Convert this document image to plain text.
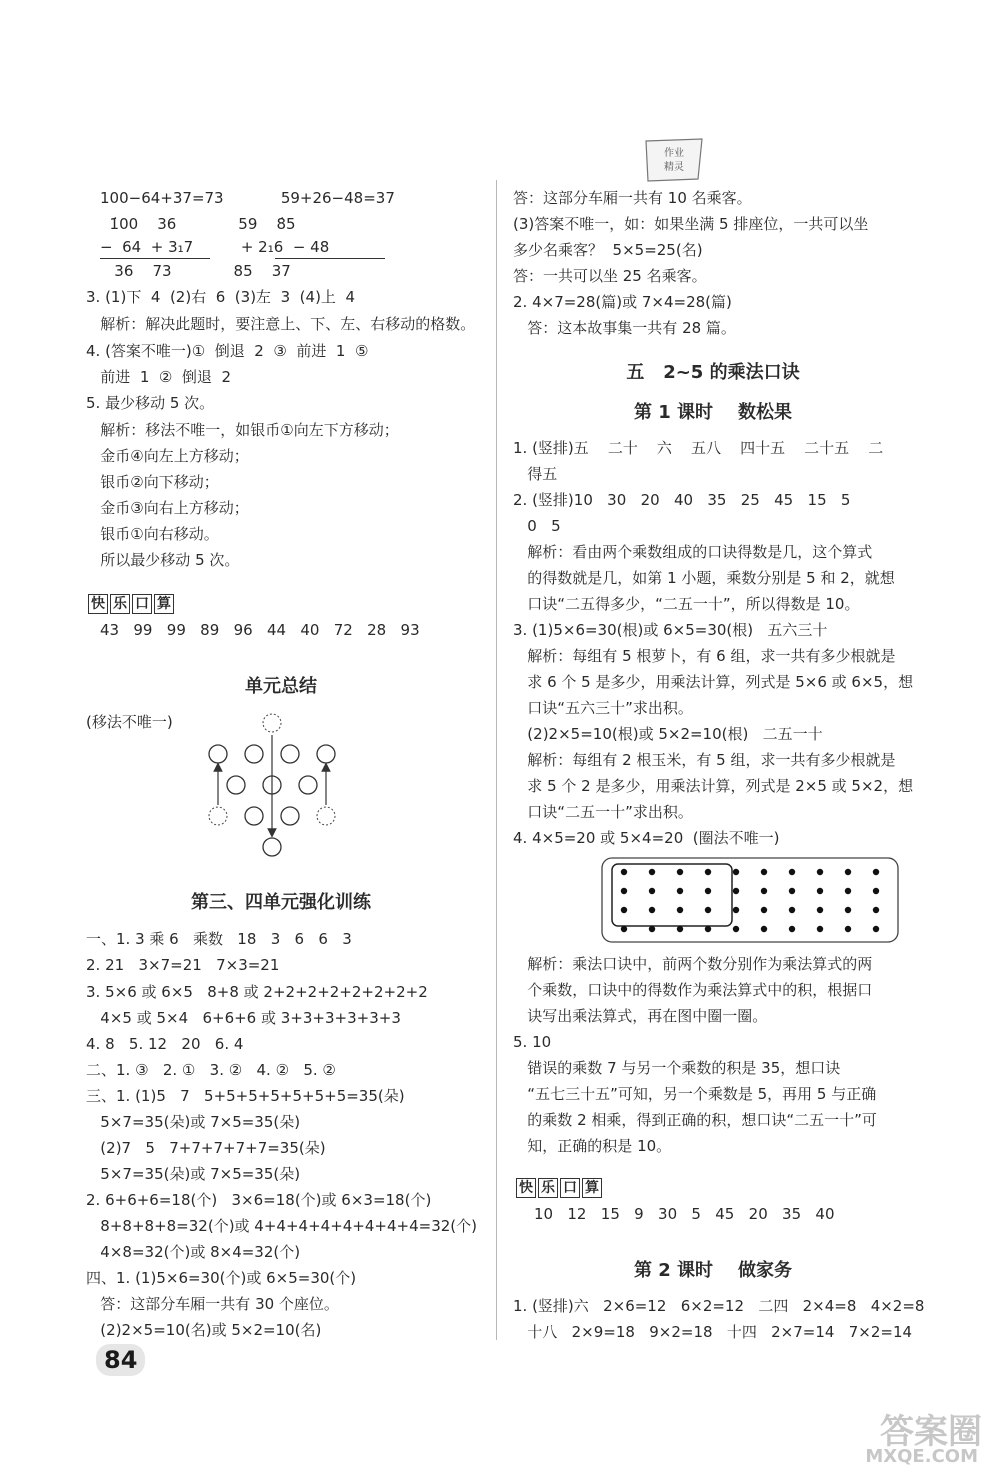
100−64+37=73            59+26−48=37
1̇00    36             59    8̇5
−  64  + 3₁7          + 2₁6  − 48
36    73             85    37
3. (1)下  4  (2)右  6  (3)左  3  (4)上  4
解析：解决此题时，要注意上、下、左、右移动的格数。
4. (答案不唯一)①  倒退  2  ③  前进  1  ⑤
前进  1  ②  倒退  2
5. 最少移动 5 次。
解析：移法不唯一，如银币①向左下方移动；
金币④向左上方移动；
银币②向下移动；
金币③向右上方移动；
银币①向右移动。
所以最少移动 5 次。
快 乐 口 算
43   99   99   89   96   44   40   72   28   93
单元总结
(移法不唯一)
第三、四单元强化训练
一、1. 3 乘 6   乘数   18   3   6   6   3
2. 21   3×7=21   7×3=21
3. 5×6 或 6×5   8+8 或 2+2+2+2+2+2+2+2
4×5 或 5×4   6+6+6 或 3+3+3+3+3+3
4. 8   5. 12   20   6. 4
二、1. ③   2. ①   3. ②   4. ②   5. ②
三、1. (1)5   7   5+5+5+5+5+5+5=35(朵)
5×7=35(朵)或 7×5=35(朵)
(2)7   5   7+7+7+7+7=35(朵)
5×7=35(朵)或 7×5=35(朵)
2. 6+6+6=18(个)   3×6=18(个)或 6×3=18(个)
8+8+8+8=32(个)或 4+4+4+4+4+4+4+4=32(个)
4×8=32(个)或 8×4=32(个)
四、1. (1)5×6=30(个)或 6×5=30(个)
答：这部分车厢一共有 30 个座位。
(2)2×5=10(名)或 5×2=10(名)
84
作业
精灵
答：这部分车厢一共有 10 名乘客。
(3)答案不唯一，如：如果坐满 5 排座位，一共可以坐
多少名乘客？  5×5=25(名)
答：一共可以坐 25 名乘客。
2. 4×7=28(篇)或 7×4=28(篇)
答：这本故事集一共有 28 篇。
五   2~5 的乘法口诀
第 1 课时    数松果
1. (竖排)五    二十    六    五八    四十五    二十五    二
得五
2. (竖排)10   30   20   40   35   25   45   15   5
0   5
解析：看由两个乘数组成的口诀得数是几，这个算式
的得数就是几，如第 1 小题，乘数分别是 5 和 2，就想
口诀“二五得多少，“二五一十”，所以得数是 10。
3. (1)5×6=30(根)或 6×5=30(根)   五六三十
解析：每组有 5 根萝卜，有 6 组，求一共有多少根就是
求 6 个 5 是多少，用乘法计算，列式是 5×6 或 6×5，想
口诀“五六三十”求出积。
(2)2×5=10(根)或 5×2=10(根)   二五一十
解析：每组有 2 根玉米，有 5 组，求一共有多少根就是
求 5 个 2 是多少，用乘法计算，列式是 2×5 或 5×2，想
口诀“二五一十”求出积。
4. 4×5=20 或 5×4=20  (圈法不唯一)
解析：乘法口诀中，前两个数分别作为乘法算式的两
个乘数，口诀中的得数作为乘法算式中的积，根据口
诀写出乘法算式，再在图中圈一圈。
5. 10
错误的乘数 7 与另一个乘数的积是 35，想口诀
“五七三十五”可知，另一个乘数是 5，再用 5 与正确
的乘数 2 相乘，得到正确的积，想口诀“二五一十”可
知，正确的积是 10。
快 乐 口 算
10   12   15   9   30   5   45   20   35   40
第 2 课时    做家务
1. (竖排)六   2×6=12   6×2=12   二四   2×4=8   4×2=8
十八   2×9=18   9×2=18   十四   2×7=14   7×2=14
答案圈
MXQE.COM
